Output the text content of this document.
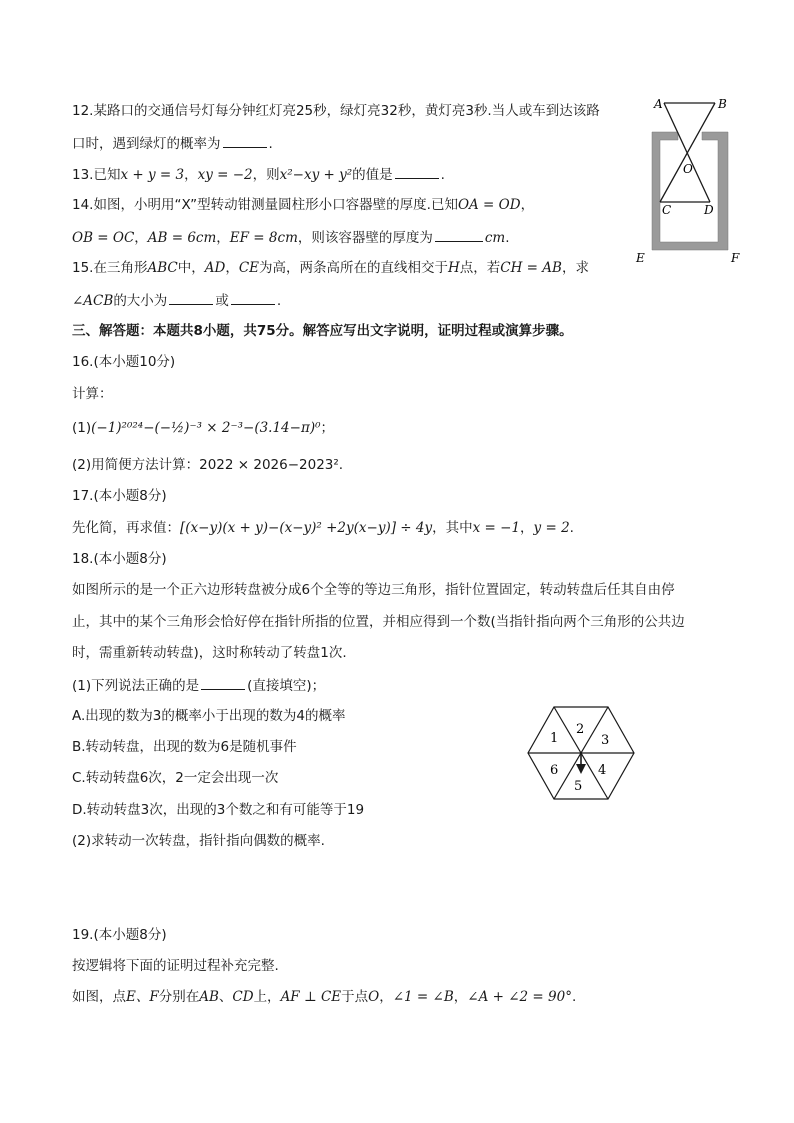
12.某路口的交通信号灯每分钟红灯亮25秒，绿灯亮32秒，黄灯亮3秒.当人或车到达该路
口时，遇到绿灯的概率为	.
13.已知x + y = 3，xy = −2，则x²−xy + y²的值是	.
14.如图，小明用“X”型转动钳测量圆柱形小口容器壁的厚度.已知OA = OD，
OB = OC，AB = 6cm，EF = 8cm，则该容器壁的厚度为	cm.
15.在三角形ABC中，AD，CE为高，两条高所在的直线相交于H点，若CH = AB，求
∠ACB的大小为	或	.
三、解答题：本题共8小题，共75分。解答应写出文字说明，证明过程或演算步骤。
16.(本小题10分)
计算：
(1)(−1)²⁰²⁴−(−½)⁻³ × 2⁻³−(3.14−π)⁰；
(2)用简便方法计算：2022 × 2026−2023².
17.(本小题8分)
先化简，再求值：[(x−y)(x + y)−(x−y)² +2y(x−y)] ÷ 4y，其中x = −1，y = 2.
18.(本小题8分)
如图所示的是一个正六边形转盘被分成6个全等的等边三角形，指针位置固定，转动转盘后任其自由停
止，其中的某个三角形会恰好停在指针所指的位置，并相应得到一个数(当指针指向两个三角形的公共边
时，需重新转动转盘)，这时称转动了转盘1次.
(1)下列说法正确的是	(直接填空)；
A.出现的数为3的概率小于出现的数为4的概率
B.转动转盘，出现的数为6是随机事件
C.转动转盘6次，2一定会出现一次
D.转动转盘3次，出现的3个数之和有可能等于19
(2)求转动一次转盘，指针指向偶数的概率.
19.(本小题8分)
按逻辑将下面的证明过程补充完整.
如图，点E、F分别在AB、CD上，AF ⊥ CE于点O，∠1 = ∠B，∠A + ∠2 = 90°.
A	B
O
C	D
E	F
1
2
3
4
5
6
